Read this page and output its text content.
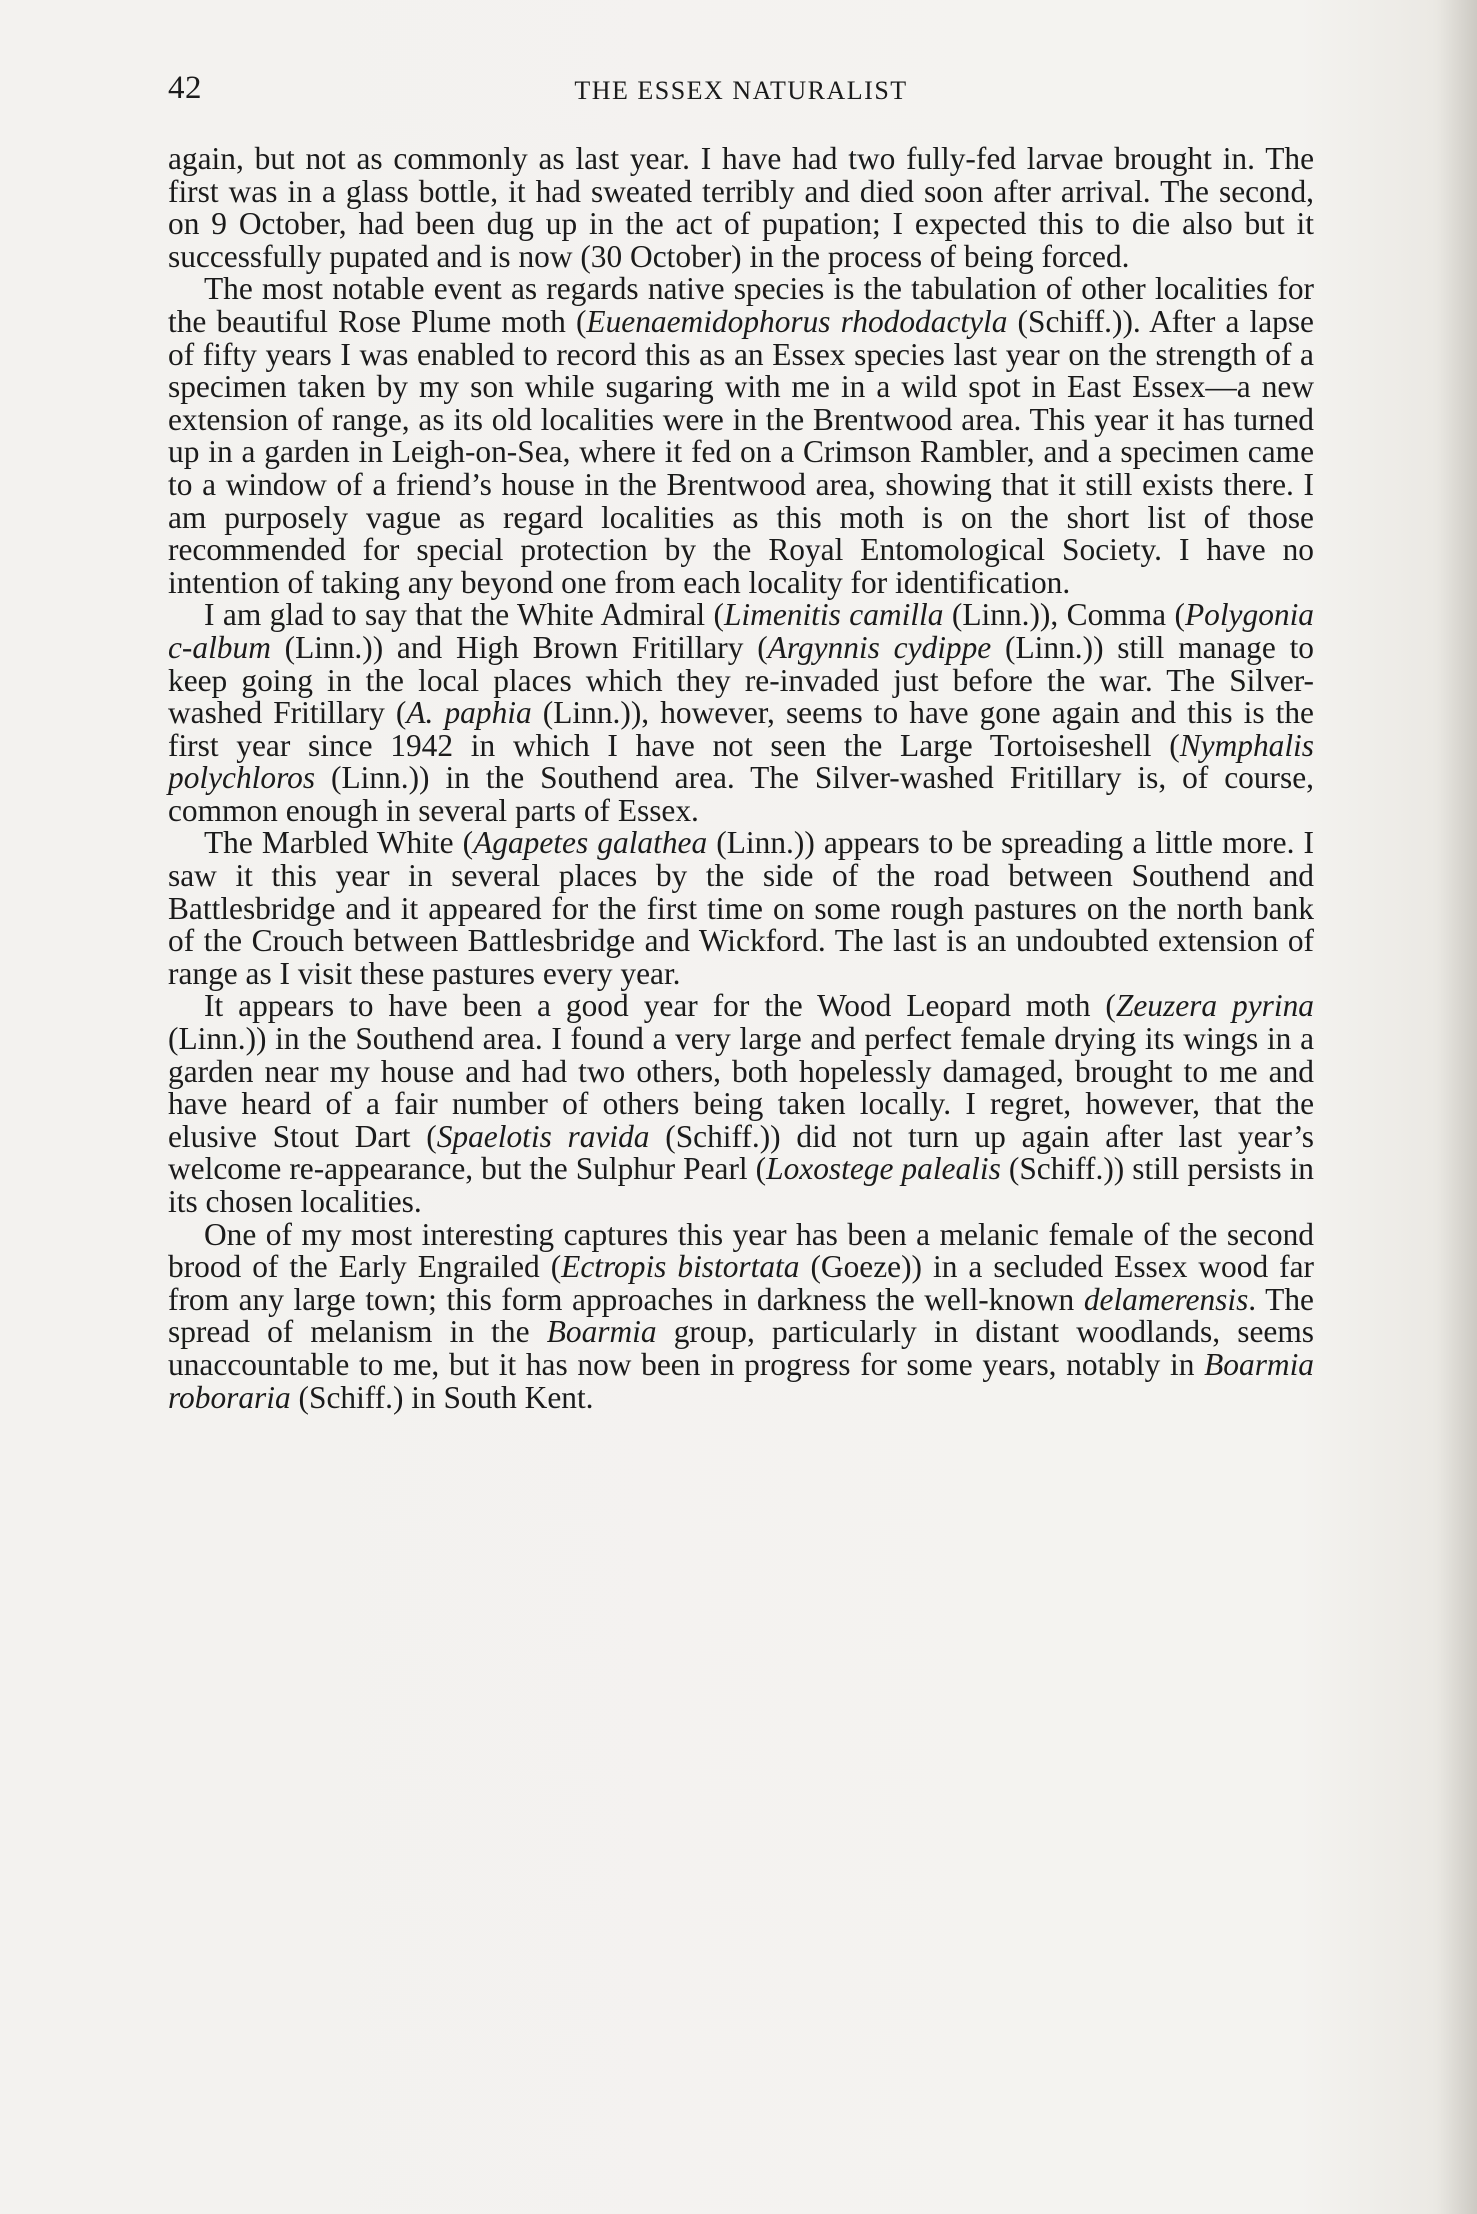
42	THE ESSEX NATURALIST

again, but not as commonly as last year. I have had two fully-fed larvae brought in. The first was in a glass bottle, it had sweated terribly and died soon after arrival. The second, on 9 October, had been dug up in the act of pupation; I expected this to die also but it successfully pupated and is now (30 October) in the process of being forced.

The most notable event as regards native species is the tabulation of other localities for the beautiful Rose Plume moth (Euenaemidophorus rhododactyla (Schiff.)). After a lapse of fifty years I was enabled to record this as an Essex species last year on the strength of a specimen taken by my son while sugaring with me in a wild spot in East Essex—a new extension of range, as its old localities were in the Brentwood area. This year it has turned up in a garden in Leigh-on-Sea, where it fed on a Crimson Rambler, and a specimen came to a window of a friend’s house in the Brentwood area, showing that it still exists there. I am purposely vague as regard localities as this moth is on the short list of those recommended for special protection by the Royal Entomological Society. I have no intention of taking any beyond one from each locality for identification.

I am glad to say that the White Admiral (Limenitis camilla (Linn.)), Comma (Polygonia c-album (Linn.)) and High Brown Fritillary (Argynnis cydippe (Linn.)) still manage to keep going in the local places which they re-invaded just before the war. The Silver-washed Fritillary (A. paphia (Linn.)), however, seems to have gone again and this is the first year since 1942 in which I have not seen the Large Tortoiseshell (Nymphalis polychloros (Linn.)) in the Southend area. The Silver-washed Fritillary is, of course, common enough in several parts of Essex.

The Marbled White (Agapetes galathea (Linn.)) appears to be spreading a little more. I saw it this year in several places by the side of the road between Southend and Battlesbridge and it appeared for the first time on some rough pastures on the north bank of the Crouch between Battlesbridge and Wickford. The last is an undoubted extension of range as I visit these pastures every year.

It appears to have been a good year for the Wood Leopard moth (Zeuzera pyrina (Linn.)) in the Southend area. I found a very large and perfect female drying its wings in a garden near my house and had two others, both hopelessly damaged, brought to me and have heard of a fair number of others being taken locally. I regret, however, that the elusive Stout Dart (Spaelotis ravida (Schiff.)) did not turn up again after last year’s welcome re-appearance, but the Sulphur Pearl (Loxostege palealis (Schiff.)) still persists in its chosen localities.

One of my most interesting captures this year has been a melanic female of the second brood of the Early Engrailed (Ectropis bistortata (Goeze)) in a secluded Essex wood far from any large town; this form approaches in darkness the well-known delamerensis. The spread of melanism in the Boarmia group, particularly in distant woodlands, seems unaccountable to me, but it has now been in progress for some years, notably in Boarmia roboraria (Schiff.) in South Kent.
